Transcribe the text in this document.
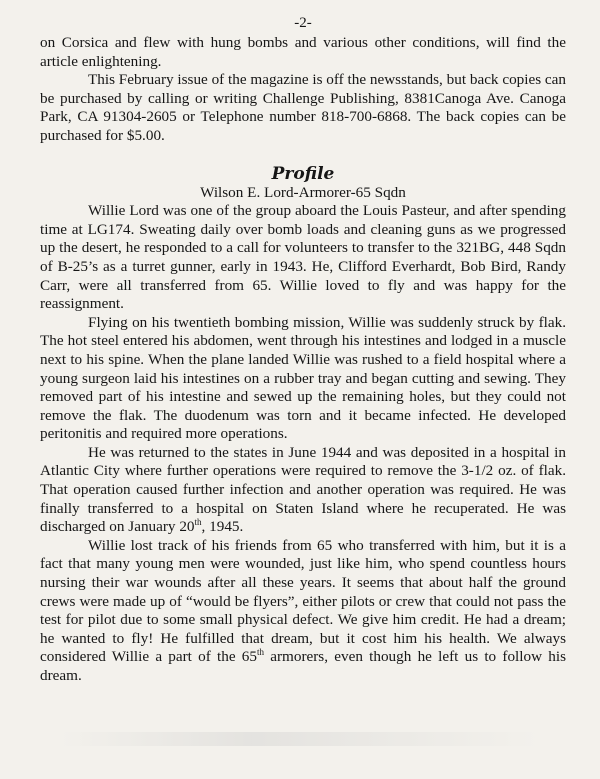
-2-

on Corsica and flew with hung bombs and various other conditions, will find the article enlightening.

This February issue of the magazine is off the newsstands, but back copies can be purchased by calling or writing Challenge Publishing, 8381Canoga Ave. Canoga Park, CA 91304-2605 or Telephone number 818-700-6868. The back copies can be purchased for $5.00.

Profile
Wilson E. Lord-Armorer-65 Sqdn

Willie Lord was one of the group aboard the Louis Pasteur, and after spending time at LG174. Sweating daily over bomb loads and cleaning guns as we progressed up the desert, he responded to a call for volunteers to transfer to the 321BG, 448 Sqdn of B-25’s as a turret gunner, early in 1943. He, Clifford Everhardt, Bob Bird, Randy Carr, were all transferred from 65. Willie loved to fly and was happy for the reassignment.

Flying on his twentieth bombing mission, Willie was suddenly struck by flak. The hot steel entered his abdomen, went through his intestines and lodged in a muscle next to his spine. When the plane landed Willie was rushed to a field hospital where a young surgeon laid his intestines on a rubber tray and began cutting and sewing. They removed part of his intestine and sewed up the remaining holes, but they could not remove the flak. The duodenum was torn and it became infected. He developed peritonitis and required more operations.

He was returned to the states in June 1944 and was deposited in a hospital in Atlantic City where further operations were required to remove the 3-1/2 oz. of flak. That operation caused further infection and another operation was required. He was finally transferred to a hospital on Staten Island where he recuperated. He was discharged on January 20th, 1945.

Willie lost track of his friends from 65 who transferred with him, but it is a fact that many young men were wounded, just like him, who spend countless hours nursing their war wounds after all these years. It seems that about half the ground crews were made up of “would be flyers”, either pilots or crew that could not pass the test for pilot due to some small physical defect. We give him credit. He had a dream; he wanted to fly! He fulfilled that dream, but it cost him his health. We always considered Willie a part of the 65th armorers, even though he left us to follow his dream.
